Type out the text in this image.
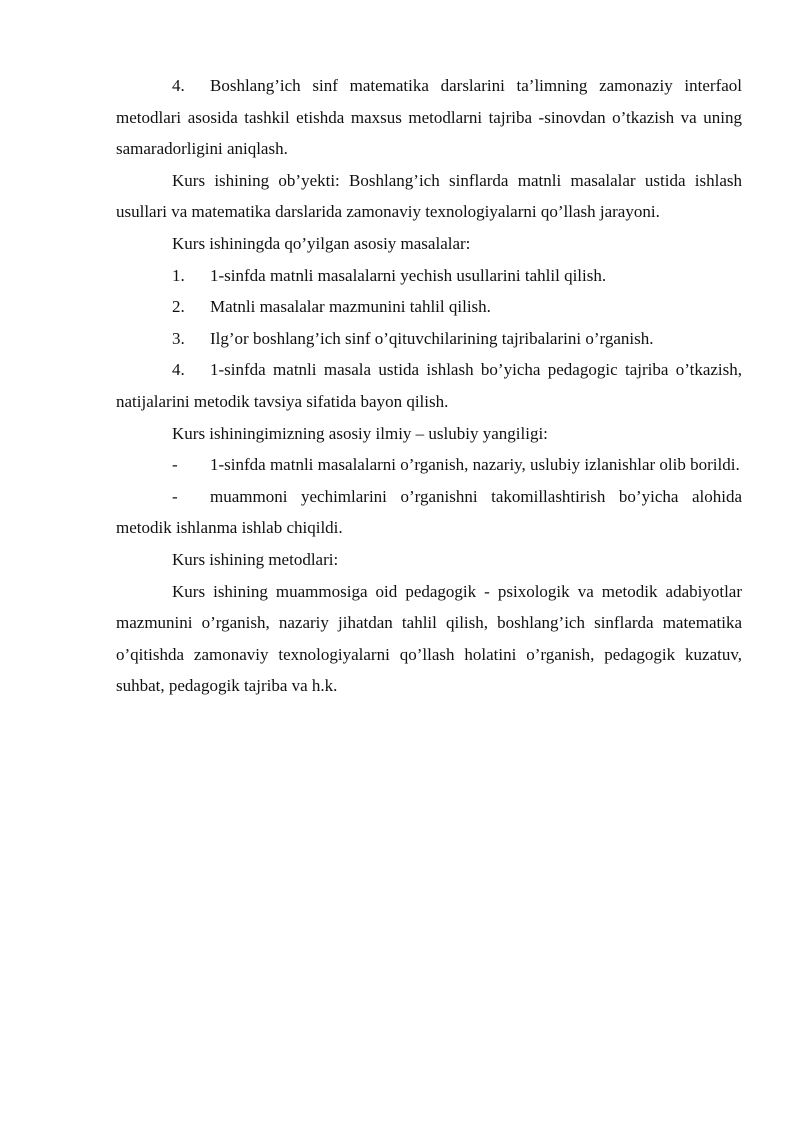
4. Boshlang’ich sinf matematika darslarini ta’limning zamonaziy interfaol metodlari asosida tashkil etishda maxsus metodlarni tajriba -sinovdan o’tkazish va uning samaradorligini aniqlash.

Kurs ishining ob’yekti: Boshlang’ich sinflarda matnli masalalar ustida ishlash usullari va matematika darslarida zamonaviy texnologiyalarni qo’llash jarayoni.

Kurs ishiningda qo’yilgan asosiy masalalar:

1. 1-sinfda matnli masalalarni yechish usullarini tahlil qilish.

2. Matnli masalalar mazmunini tahlil qilish.

3. Ilg’or boshlang’ich sinf o’qituvchilarining tajribalarini o’rganish.

4. 1-sinfda matnli masala ustida ishlash bo’yicha pedagogic tajriba o’tkazish, natijalarini metodik tavsiya sifatida bayon qilish.

Kurs ishiningimizning asosiy ilmiy – uslubiy yangiligi:

- 1-sinfda matnli masalalarni o’rganish, nazariy, uslubiy izlanishlar olib borildi.

- muammoni yechimlarini o’rganishni takomillashtirish bo’yicha alohida metodik ishlanma ishlab chiqildi.

Kurs ishining metodlari:

Kurs ishining muammosiga oid pedagogik - psixologik va metodik adabiyotlar mazmunini o’rganish, nazariy jihatdan tahlil qilish, boshlang’ich sinflarda matematika o’qitishda zamonaviy texnologiyalarni qo’llash holatini o’rganish, pedagogik kuzatuv, suhbat, pedagogik tajriba va h.k.
